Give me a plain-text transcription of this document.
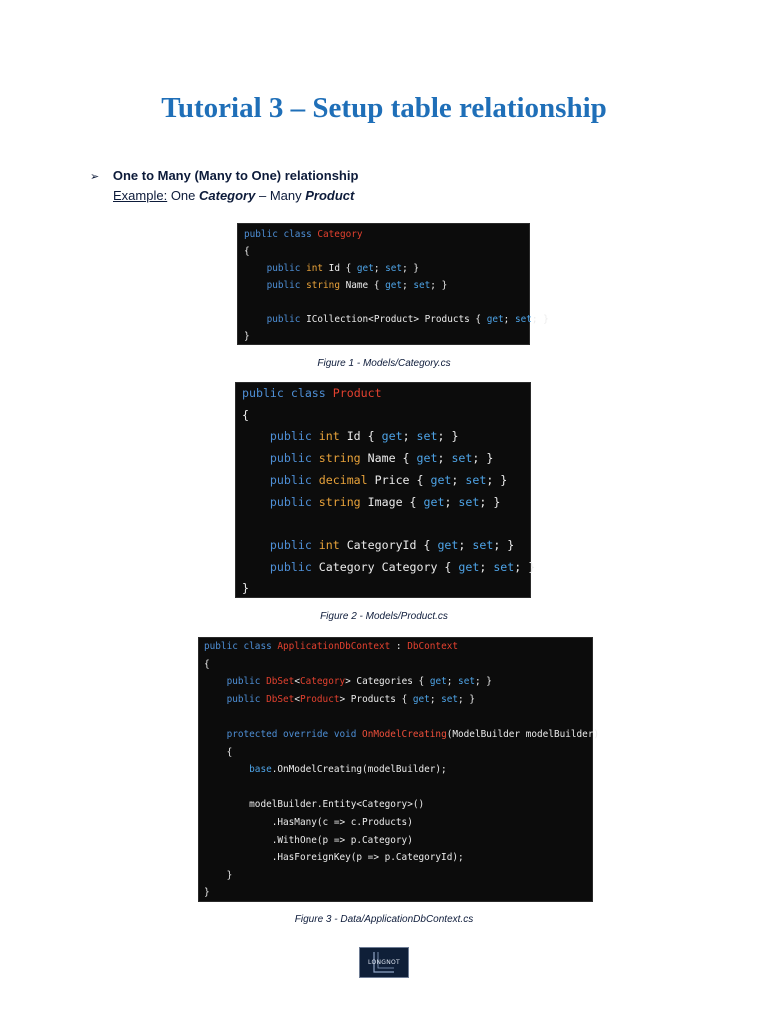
Tutorial 3 – Setup table relationship
➢ One to Many (Many to One) relationship
Example: One Category – Many Product
public class Category
{
public int Id { get; set; }
public string Name { get; set; }

public ICollection<Product> Products { get; set; }
}
Figure 1 - Models/Category.cs
public class Product
{
public int Id { get; set; }
public string Name { get; set; }
public decimal Price { get; set; }
public string Image { get; set; }

public int CategoryId { get; set; }
public Category Category { get; set; }
}
Figure 2 - Models/Product.cs
public class ApplicationDbContext : DbContext
{
public DbSet<Category> Categories { get; set; }
public DbSet<Product> Products { get; set; }

protected override void OnModelCreating(ModelBuilder modelBuilder)
{
base.OnModelCreating(modelBuilder);

modelBuilder.Entity<Category>()
.HasMany(c => c.Products)
.WithOne(p => p.Category)
.HasForeignKey(p => p.CategoryId);
}
}
Figure 3 - Data/ApplicationDbContext.cs
LONGNOT
